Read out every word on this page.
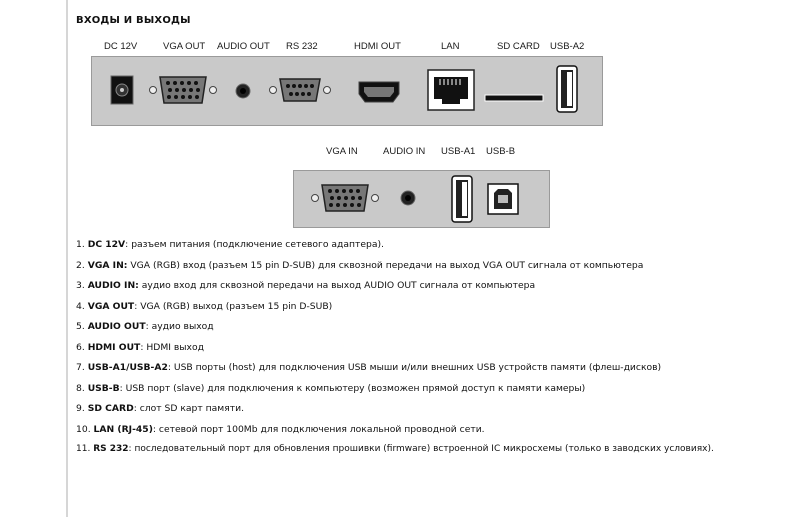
ВХОДЫ И ВЫХОДЫ
DC 12V	VGA OUT AUDIO OUT RS 232	HDMI OUT	LAN	SD CARD USB-A2
VGA IN	AUDIO IN USB-A1 USB-B
1. DC 12V: разъем питания (подключение сетевого адаптера).
2. VGA IN: VGA (RGB) вход (разъем 15 pin D-SUB) для сквозной передачи на выход VGA OUT сигнала от компьютера
3. AUDIO IN: аудио вход для сквозной передачи на выход AUDIO OUT сигнала от компьютера
4. VGA OUT: VGA (RGB) выход (разъем 15 pin D-SUB)
5. AUDIO OUT: аудио выход
6. HDMI OUT: HDMI выход
7. USB-A1/USB-A2: USB порты (host) для подключения USB мыши и/или внешних USB устройств памяти (флеш-дисков)
8. USB-B: USB порт (slave) для подключения к компьютеру (возможен прямой доступ к памяти камеры)
9. SD CARD: слот SD карт памяти.
10. LAN (RJ-45): сетевой порт 100Mb для подключения локальной проводной сети.
11. RS 232: последовательный порт для обновления прошивки (firmware) встроенной IC микросхемы (только в заводских условиях).
